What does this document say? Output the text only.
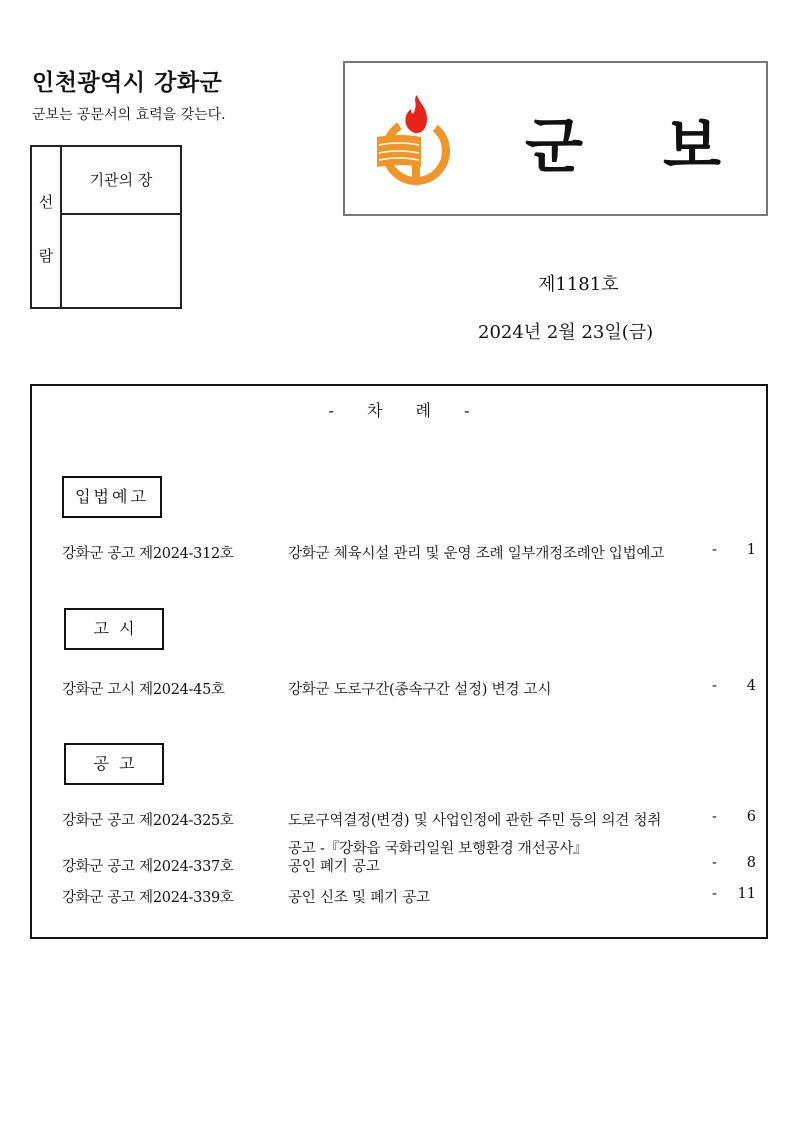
인천광역시 강화군
군보는 공문서의 효력을 갖는다.
선
람
기관의 장	군 보
제1181호
2024년 2월 23일(금)
- 차 례 -
입법예고
강화군 공고 제2024-312호	강화군 체육시설 관리 및 운영 조례 일부개정조례안 입법예고	- 1
고  시
강화군 고시 제2024-45호	강화군 도로구간(종속구간 설정) 변경 고시	- 4
공  고
강화군 공고 제2024-325호	도로구역결정(변경) 및 사업인정에 관한 주민 등의 의견 청취	- 6
공고 -『강화읍 국화리일원 보행환경 개선공사』
강화군 공고 제2024-337호	공인 폐기 공고	- 8
강화군 공고 제2024-339호	공인 신조 및 폐기 공고	- 11
